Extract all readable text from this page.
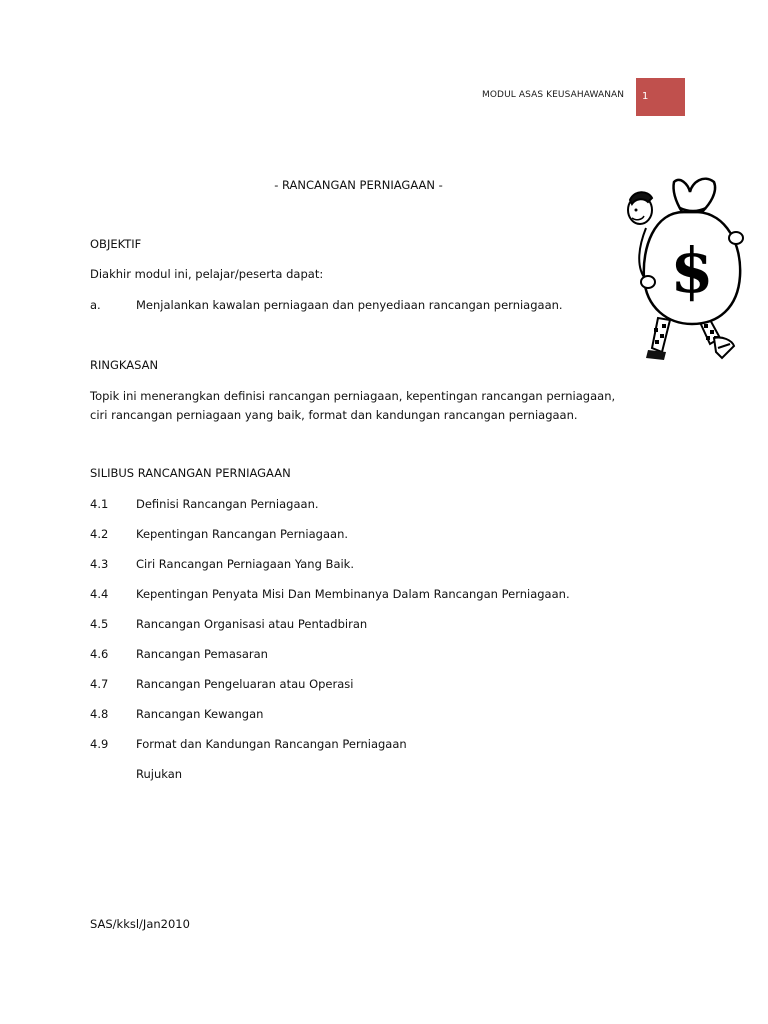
MODUL ASAS KEUSAHAWANAN	1
- RANCANGAN PERNIAGAAN -
OBJEKTIF
Diakhir modul ini, pelajar/peserta dapat:
a.	Menjalankan kawalan perniagaan dan penyediaan rancangan perniagaan.
RINGKASAN
Topik ini menerangkan definisi rancangan perniagaan, kepentingan rancangan perniagaan, ciri rancangan perniagaan yang baik, format dan kandungan rancangan perniagaan.
SILIBUS RANCANGAN PERNIAGAAN
4.1 Definisi Rancangan Perniagaan.
4.2 Kepentingan Rancangan Perniagaan.
4.3 Ciri Rancangan Perniagaan Yang Baik.
4.4 Kepentingan Penyata Misi Dan Membinanya Dalam Rancangan Perniagaan.
4.5 Rancangan Organisasi atau Pentadbiran
4.6 Rancangan Pemasaran
4.7 Rancangan Pengeluaran atau Operasi
4.8 Rancangan Kewangan
4.9 Format dan Kandungan Rancangan Perniagaan
Rujukan
SAS/kksl/Jan2010
$
